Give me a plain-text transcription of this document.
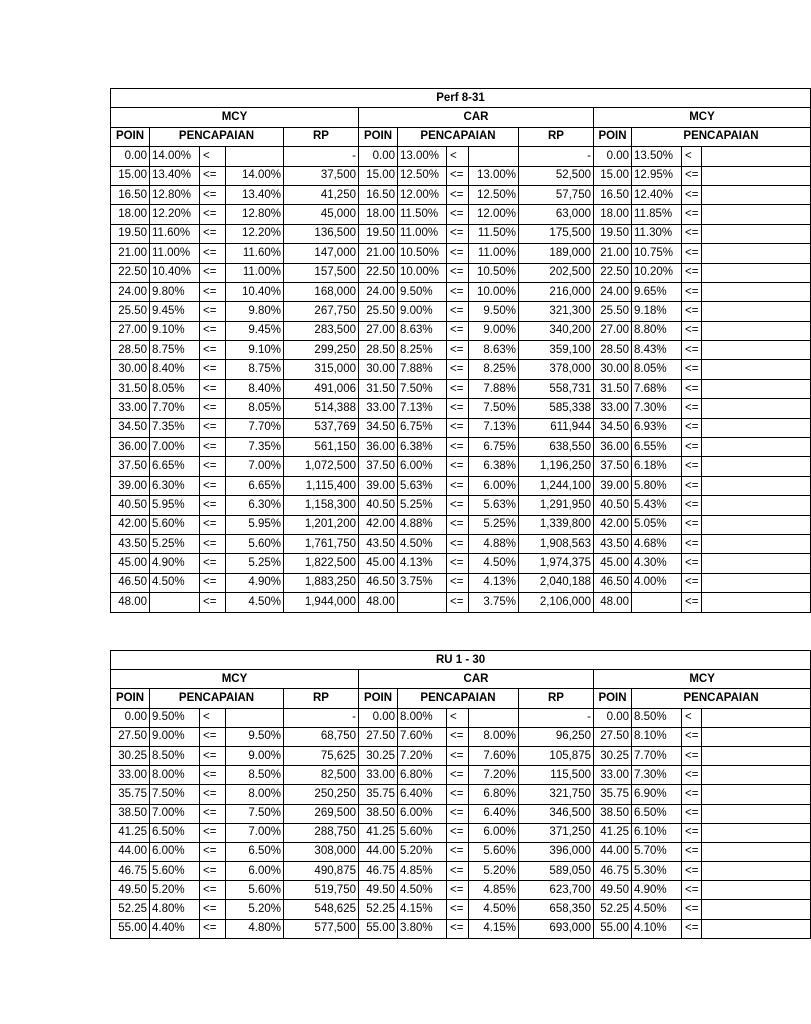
Perf 8-31													
MCY					CAR					MCY			
POIN	PENCAPAIAN			RP	POIN	PENCAPAIAN			RP	POIN	PENCAPAIAN		
0.00	14.00%	<		-	0.00	13.00%	<		-	0.00	13.50%	<	
15.00	13.40%	<=	14.00%	37,500	15.00	12.50%	<=	13.00%	52,500	15.00	12.95%	<=	
16.50	12.80%	<=	13.40%	41,250	16.50	12.00%	<=	12.50%	57,750	16.50	12.40%	<=	
18.00	12.20%	<=	12.80%	45,000	18.00	11.50%	<=	12.00%	63,000	18.00	11.85%	<=	
19.50	11.60%	<=	12.20%	136,500	19.50	11.00%	<=	11.50%	175,500	19.50	11.30%	<=	
21.00	11.00%	<=	11.60%	147,000	21.00	10.50%	<=	11.00%	189,000	21.00	10.75%	<=	
22.50	10.40%	<=	11.00%	157,500	22.50	10.00%	<=	10.50%	202,500	22.50	10.20%	<=	
24.00	9.80%	<=	10.40%	168,000	24.00	9.50%	<=	10.00%	216,000	24.00	9.65%	<=	
25.50	9.45%	<=	9.80%	267,750	25.50	9.00%	<=	9.50%	321,300	25.50	9.18%	<=	
27.00	9.10%	<=	9.45%	283,500	27.00	8.63%	<=	9.00%	340,200	27.00	8.80%	<=	
28.50	8.75%	<=	9.10%	299,250	28.50	8.25%	<=	8.63%	359,100	28.50	8.43%	<=	
30.00	8.40%	<=	8.75%	315,000	30.00	7.88%	<=	8.25%	378,000	30.00	8.05%	<=	
31.50	8.05%	<=	8.40%	491,006	31.50	7.50%	<=	7.88%	558,731	31.50	7.68%	<=	
33.00	7.70%	<=	8.05%	514,388	33.00	7.13%	<=	7.50%	585,338	33.00	7.30%	<=	
34.50	7.35%	<=	7.70%	537,769	34.50	6.75%	<=	7.13%	611,944	34.50	6.93%	<=	
36.00	7.00%	<=	7.35%	561,150	36.00	6.38%	<=	6.75%	638,550	36.00	6.55%	<=	
37.50	6.65%	<=	7.00%	1,072,500	37.50	6.00%	<=	6.38%	1,196,250	37.50	6.18%	<=	
39.00	6.30%	<=	6.65%	1,115,400	39.00	5.63%	<=	6.00%	1,244,100	39.00	5.80%	<=	
40.50	5.95%	<=	6.30%	1,158,300	40.50	5.25%	<=	5.63%	1,291,950	40.50	5.43%	<=	
42.00	5.60%	<=	5.95%	1,201,200	42.00	4.88%	<=	5.25%	1,339,800	42.00	5.05%	<=	
43.50	5.25%	<=	5.60%	1,761,750	43.50	4.50%	<=	4.88%	1,908,563	43.50	4.68%	<=	
45.00	4.90%	<=	5.25%	1,822,500	45.00	4.13%	<=	4.50%	1,974,375	45.00	4.30%	<=	
46.50	4.50%	<=	4.90%	1,883,250	46.50	3.75%	<=	4.13%	2,040,188	46.50	4.00%	<=	
48.00		<=	4.50%	1,944,000	48.00		<=	3.75%	2,106,000	48.00		<=	
RU 1 - 30													
MCY					CAR					MCY			
POIN	PENCAPAIAN			RP	POIN	PENCAPAIAN			RP	POIN	PENCAPAIAN		
0.00	9.50%	<		-	0.00	8.00%	<		-	0.00	8.50%	<	
27.50	9.00%	<=	9.50%	68,750	27.50	7.60%	<=	8.00%	96,250	27.50	8.10%	<=	
30.25	8.50%	<=	9.00%	75,625	30.25	7.20%	<=	7.60%	105,875	30.25	7.70%	<=	
33.00	8.00%	<=	8.50%	82,500	33.00	6.80%	<=	7.20%	115,500	33.00	7.30%	<=	
35.75	7.50%	<=	8.00%	250,250	35.75	6.40%	<=	6.80%	321,750	35.75	6.90%	<=	
38.50	7.00%	<=	7.50%	269,500	38.50	6.00%	<=	6.40%	346,500	38.50	6.50%	<=	
41.25	6.50%	<=	7.00%	288,750	41.25	5.60%	<=	6.00%	371,250	41.25	6.10%	<=	
44.00	6.00%	<=	6.50%	308,000	44.00	5.20%	<=	5.60%	396,000	44.00	5.70%	<=	
46.75	5.60%	<=	6.00%	490,875	46.75	4.85%	<=	5.20%	589,050	46.75	5.30%	<=	
49.50	5.20%	<=	5.60%	519,750	49.50	4.50%	<=	4.85%	623,700	49.50	4.90%	<=	
52.25	4.80%	<=	5.20%	548,625	52.25	4.15%	<=	4.50%	658,350	52.25	4.50%	<=	
55.00	4.40%	<=	4.80%	577,500	55.00	3.80%	<=	4.15%	693,000	55.00	4.10%	<=	
